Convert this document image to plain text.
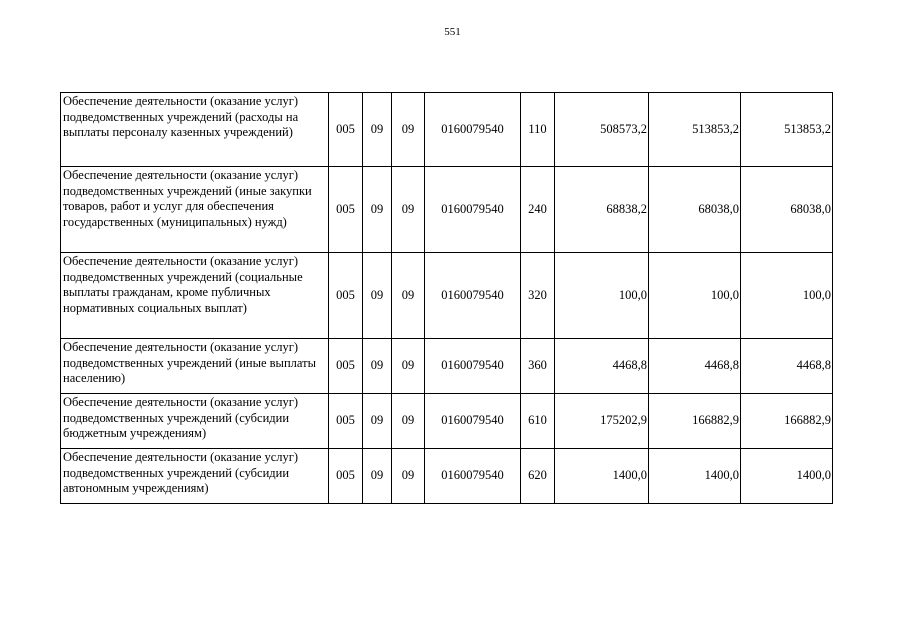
551
Обеспечение деятельности (оказание услуг) подведомственных учреждений (расходы на выплаты персоналу казенных учреждений)	005	09	09	0160079540	110	508573,2	513853,2	513853,2
Обеспечение деятельности (оказание услуг) подведомственных учреждений (иные закупки товаров, работ и услуг для обеспечения государственных (муниципальных) нужд)	005	09	09	0160079540	240	68838,2	68038,0	68038,0
Обеспечение деятельности (оказание услуг) подведомственных учреждений (социальные выплаты гражданам, кроме публичных нормативных социальных выплат)	005	09	09	0160079540	320	100,0	100,0	100,0
Обеспечение деятельности (оказание услуг) подведомственных учреждений (иные выплаты населению)	005	09	09	0160079540	360	4468,8	4468,8	4468,8
Обеспечение деятельности (оказание услуг) подведомственных учреждений (субсидии бюджетным учреждениям)	005	09	09	0160079540	610	175202,9	166882,9	166882,9
Обеспечение деятельности (оказание услуг) подведомственных учреждений (субсидии автономным учреждениям)	005	09	09	0160079540	620	1400,0	1400,0	1400,0
